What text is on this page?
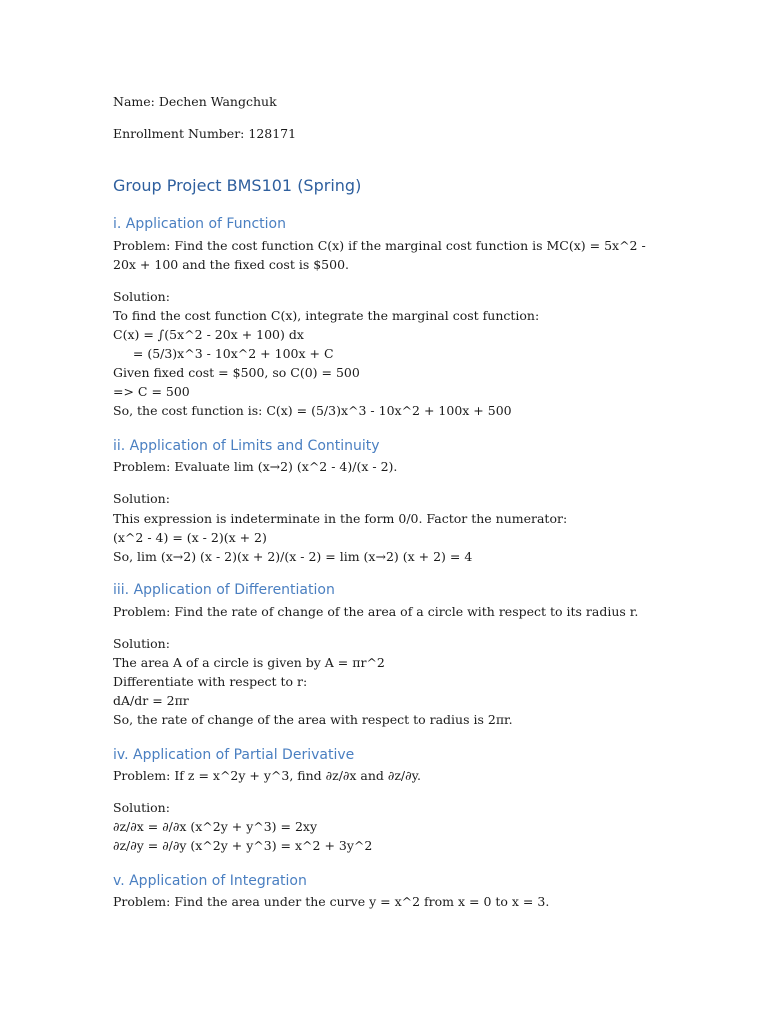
Name: Dechen Wangchuk
Enrollment Number: 128171
Group Project BMS101 (Spring)
i. Application of Function
Problem: Find the cost function C(x) if the marginal cost function is MC(x) = 5x^2 - 20x + 100 and the fixed cost is $500.
Solution:
To find the cost function C(x), integrate the marginal cost function:
C(x) = ∫(5x^2 - 20x + 100) dx
= (5/3)x^3 - 10x^2 + 100x + C
Given fixed cost = $500, so C(0) = 500
=> C = 500
So, the cost function is: C(x) = (5/3)x^3 - 10x^2 + 100x + 500
ii. Application of Limits and Continuity
Problem: Evaluate lim (x→2) (x^2 - 4)/(x - 2).
Solution:
This expression is indeterminate in the form 0/0. Factor the numerator:
(x^2 - 4) = (x - 2)(x + 2)
So, lim (x→2) (x - 2)(x + 2)/(x - 2) = lim (x→2) (x + 2) = 4
iii. Application of Differentiation
Problem: Find the rate of change of the area of a circle with respect to its radius r.
Solution:
The area A of a circle is given by A = πr^2
Differentiate with respect to r:
dA/dr = 2πr
So, the rate of change of the area with respect to radius is 2πr.
iv. Application of Partial Derivative
Problem: If z = x^2y + y^3, find ∂z/∂x and ∂z/∂y.
Solution:
∂z/∂x = ∂/∂x (x^2y + y^3) = 2xy
∂z/∂y = ∂/∂y (x^2y + y^3) = x^2 + 3y^2
v. Application of Integration
Problem: Find the area under the curve y = x^2 from x = 0 to x = 3.
